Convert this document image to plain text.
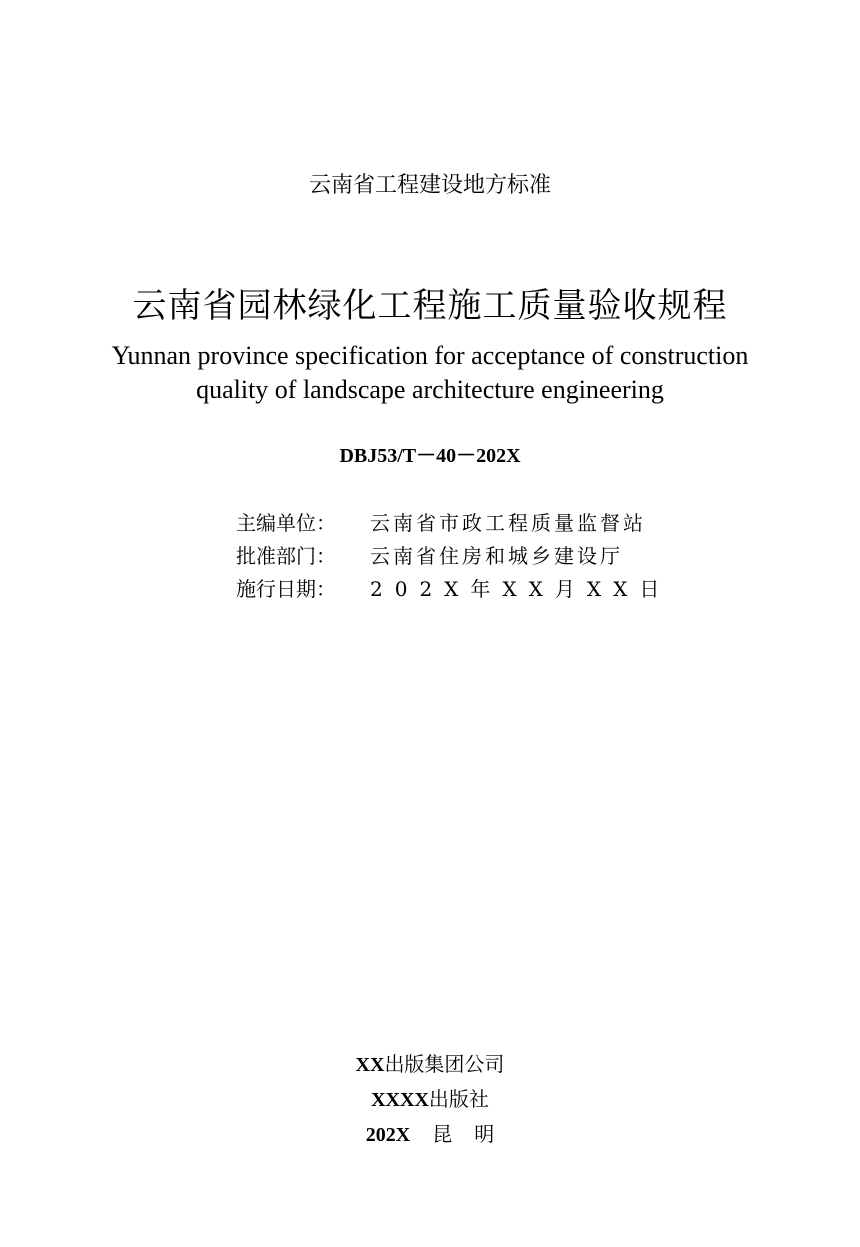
云南省工程建设地方标准
云南省园林绿化工程施工质量验收规程
Yunnan province specification for acceptance of construction
quality of landscape architecture engineering
DBJ53/T－40－202X
主编单位：	云南省市政工程质量监督站
批准部门：	云南省住房和城乡建设厅
施行日期：	202X年XX月XX日
XX出版集团公司
XXXX出版社
202X 昆 明
